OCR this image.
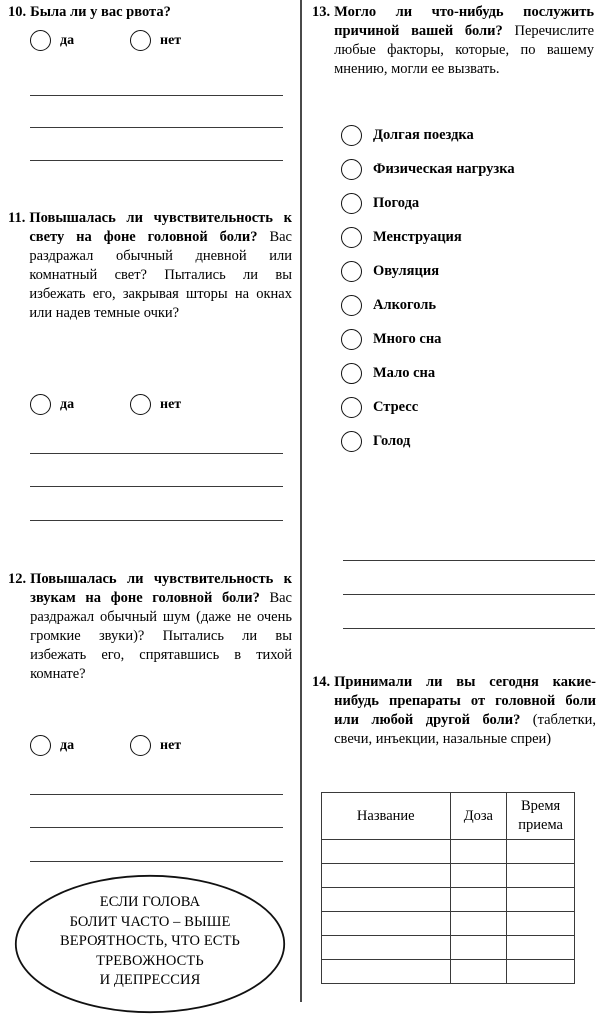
10. Была ли у вас рвота?
да	нет
11. Повышалась ли чувствительность к свету на фоне головной боли? Вас раздражал обычный дневной или комнатный свет? Пытались ли вы избежать его, закрывая шторы на окнах или надев темные очки?
да	нет
12. Повышалась ли чувствительность к звукам на фоне головной боли? Вас раздражал обычный шум (даже не очень громкие звуки)? Пытались ли вы избежать его, спрятавшись в тихой комнате?
да	нет
ЕСЛИ ГОЛОВА
БОЛИТ ЧАСТО – ВЫШЕ
ВЕРОЯТНОСТЬ, ЧТО ЕСТЬ
ТРЕВОЖНОСТЬ
И ДЕПРЕССИЯ
13. Могло ли что-нибудь послужить причиной вашей боли? Перечислите любые факторы, которые, по вашему мнению, могли ее вызвать.
Долгая поездка
Физическая нагрузка
Погода
Менструация
Овуляция
Алкоголь
Много сна
Мало сна
Стресс
Голод
14. Принимали ли вы сегодня какие-нибудь препараты от головной боли или любой другой боли? (таблетки, свечи, инъекции, назальные спреи)
Название	Доза	Время приема
